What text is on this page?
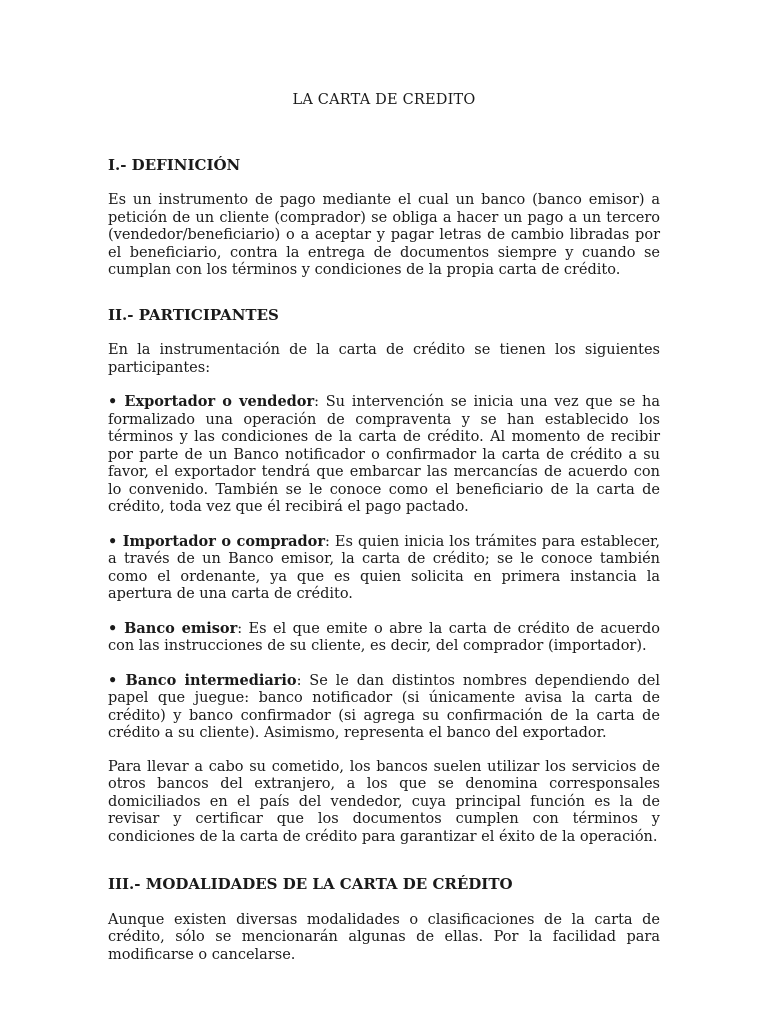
LA CARTA DE CREDITO
I.- DEFINICIÓN

Es un instrumento de pago mediante el cual un banco (banco emisor) a petición de un cliente (comprador) se obliga a hacer un pago a un tercero (vendedor/beneficiario) o a aceptar y pagar letras de cambio libradas por el beneficiario, contra la entrega de documentos siempre y cuando se cumplan con los términos y condiciones de la propia carta de crédito.

II.- PARTICIPANTES

En la instrumentación de la carta de crédito se tienen los siguientes participantes:

• Exportador o vendedor: Su intervención se inicia una vez que se ha formalizado una operación de compraventa y se han establecido los términos y las condiciones de la carta de crédito. Al momento de recibir por parte de un Banco notificador o confirmador la carta de crédito a su favor, el exportador tendrá que embarcar las mercancías de acuerdo con lo convenido. También se le conoce como el beneficiario de la carta de crédito, toda vez que él recibirá el pago pactado.

• Importador o comprador: Es quien inicia los trámites para establecer, a través de un Banco emisor, la carta de crédito; se le conoce también como el ordenante, ya que es quien solicita en primera instancia la apertura de una carta de crédito.

• Banco emisor: Es el que emite o abre la carta de crédito de acuerdo con las instrucciones de su cliente, es decir, del comprador (importador).

• Banco intermediario: Se le dan distintos nombres dependiendo del papel que juegue: banco notificador (si únicamente avisa la carta de crédito) y banco confirmador (si agrega su confirmación de la carta de crédito a su cliente). Asimismo, representa el banco del exportador.

Para llevar a cabo su cometido, los bancos suelen utilizar los servicios de otros bancos del extranjero, a los que se denomina corresponsales domiciliados en el país del vendedor, cuya principal función es la de revisar y certificar que los documentos cumplen con términos y condiciones de la carta de crédito para garantizar el éxito de la operación.

III.- MODALIDADES DE LA CARTA DE CRÉDITO

Aunque existen diversas modalidades o clasificaciones de la carta de crédito, sólo se mencionarán algunas de ellas. Por la facilidad para modificarse o cancelarse.
